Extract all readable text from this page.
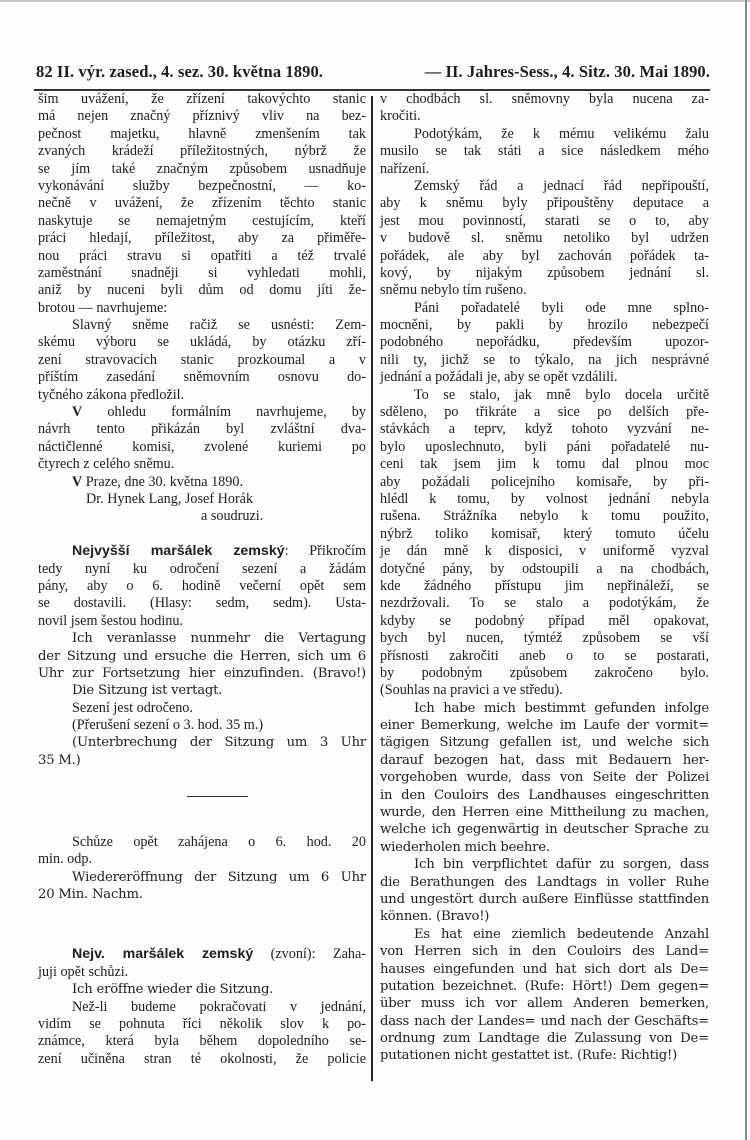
82 II. výr. zased., 4. sez. 30. května 1890.	— II. Jahres-Sess., 4. Sitz. 30. Mai 1890.
šim uvážení, že zřízení takovýchto stanic
má nejen značný příznivý vliv na bez-
pečnost majetku, hlavně zmenšením tak
zvaných krádeží příležitostných, nýbrž že
se jím také značným způsobem usnadňuje
vykonávání služby bezpečnostní, — ko-
nečně v uvážení, že zřízením těchto stanic
naskytuje se nemajetným cestujícím, kteří
práci hledají, příležitost, aby za přiměře-
nou práci stravu si opatřiti a též trvalé
zaměstnání snadněji si vyhledati mohli,
aniž by nuceni byli dům od domu jíti že-
brotou — navrhujeme:
Slavný sněme račiž se usnésti: Zem-
skému výboru se ukládá, by otázku zří-
zení stravovacích stanic prozkoumal a v
příštím zasedání sněmovním osnovu do-
tyčného zákona předložil.
V ohledu formálním navrhujeme, by
návrh tento přikázán byl zvláštní dva-
náctičlenné komisi, zvolené kuriemi po
čtyrech z celého sněmu.
V Praze, dne 30. května 1890.
Dr. Hynek Lang, Josef Horák
a soudruzi.
Nejvyšší maršálek zemský: Přikročím
tedy nyní ku odročení sezení a žádám
pány, aby o 6. hodině večerní opět sem
se dostavili. (Hlasy: sedm, sedm). Usta-
novil jsem šestou hodinu.
Ich veranlasse nunmehr die Vertagung
der Sitzung und ersuche die Herren, sich um 6
Uhr zur Fortsetzung hier einzufinden. (Bravo!)
Die Sitzung ist vertagt.
Sezení jest odročeno.
(Přerušení sezení o 3. hod. 35 m.)
(Unterbrechung der Sitzung um 3 Uhr
35 M.)
Schůze opět zahájena o 6. hod. 20
min. odp.
Wiedereröffnung der Sitzung um 6 Uhr
20 Min. Nachm.
Nejv. maršálek zemský (zvoní): Zaha-
juji opět schůzi.
Ich eröffne wieder die Sitzung.
Než-li budeme pokračovati v jednání,
vidím se pohnuta říci několik slov k po-
známce, která byla během dopoledního se-
zení učiněna stran té okolnosti, že policie
v chodbách sl. sněmovny byla nucena za-
kročiti.
Podotýkám, že k mému velikému žalu
musilo se tak státi a sice následkem mého
nařízení.
Zemský řád a jednací řád nepřipouští,
aby k sněmu byly připouštěny deputace a
jest mou povinností, starati se o to, aby
v budově sl. sněmu netoliko byl udržen
pořádek, ale aby byl zachován pořádek ta-
kový, by nijakým způsobem jednání sl.
sněmu nebylo tím rušeno.
Páni pořadatelé byli ode mne splno-
mocněni, by pakli by hrozilo nebezpečí
podobného nepořádku, především upozor-
nili ty, jichž se to týkalo, na jich nesprávné
jednání a požádali je, aby se opět vzdálili.
To se stalo, jak mně bylo docela určitě
sděleno, po třikráte a sice po delších pře-
stávkách a teprv, když tohoto vyzvání ne-
bylo uposlechnuto, byli páni pořadatelé nu-
ceni tak jsem jim k tomu dal plnou moc
aby požádali policejního komisaře, by při-
hlédl k tomu, by volnost jednání nebyla
rušena. Strážníka nebylo k tomu použito,
nýbrž toliko komisař, který tomuto účelu
je dán mně k disposici, v uniformě vyzval
dotyčné pány, by odstoupili a na chodbách,
kde žádného přístupu jim nepřináleží, se
nezdržovali. To se stalo a podotýkám, že
kdyby se podobný případ měl opakovat,
bych byl nucen, týmtéž způsobem se vší
přísnosti zakročiti aneb o to se postarati,
by podobným způsobem zakročeno bylo.
(Souhlas na pravici a ve středu).
Ich habe mich bestimmt gefunden infolge
einer Bemerkung, welche im Laufe der vormit=
tägigen Sitzung gefallen ist, und welche sich
darauf bezogen hat, dass mit Bedauern her-
vorgehoben wurde, dass von Seite der Polizei
in den Couloirs des Landhauses eingeschritten
wurde, den Herren eine Mittheilung zu machen,
welche ich gegenwärtig in deutscher Sprache zu
wiederholen mich beehre.
Ich bin verpflichtet dafür zu sorgen, dass
die Berathungen des Landtags in voller Ruhe
und ungestört durch außere Einflüsse stattfinden
können. (Bravo!)
Es hat eine ziemlich bedeutende Anzahl
von Herren sich in den Couloirs des Land=
hauses eingefunden und hat sich dort als De=
putation bezeichnet. (Rufe: Hört!) Dem gegen=
über muss ich vor allem Anderen bemerken,
dass nach der Landes= und nach der Geschäfts=
ordnung zum Landtage die Zulassung von De=
putationen nicht gestattet ist. (Rufe: Richtig!)
